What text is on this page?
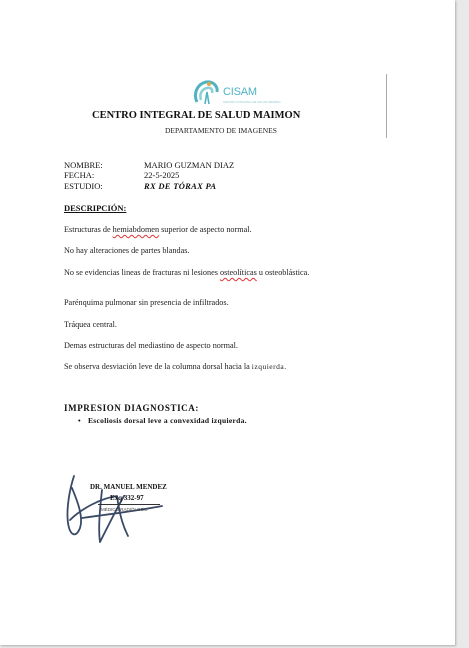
CISAM
CENTRO INTEGRAL DE SALUD MAIMON
CENTRO INTEGRAL DE SALUD MAIMON
DEPARTAMENTO DE IMAGENES
NOMBRE:	MARIO GUZMAN DIAZ
FECHA:	22-5-2025
ESTUDIO:	RX DE TÓRAX PA
DESCRIPCIÓN:
Estructuras de hemiabdomen superior de aspecto normal.
No hay alteraciones de partes blandas.
No se evidencias lineas de fracturas ni lesiones osteolíticas u osteoblástica.
Parénquima pulmonar sin presencia de infiltrados.
Tráquea central.
Demas estructuras del mediastino de aspecto normal.
Se observa desviación leve de la columna dorsal hacia la izquierda.
IMPRESION DIAGNOSTICA:
• Escoliosis dorsal leve a convexidad izquierda.
DR. MANUEL MENDEZ
Exq 332-97
MÉDICO RADIÓLOGO
